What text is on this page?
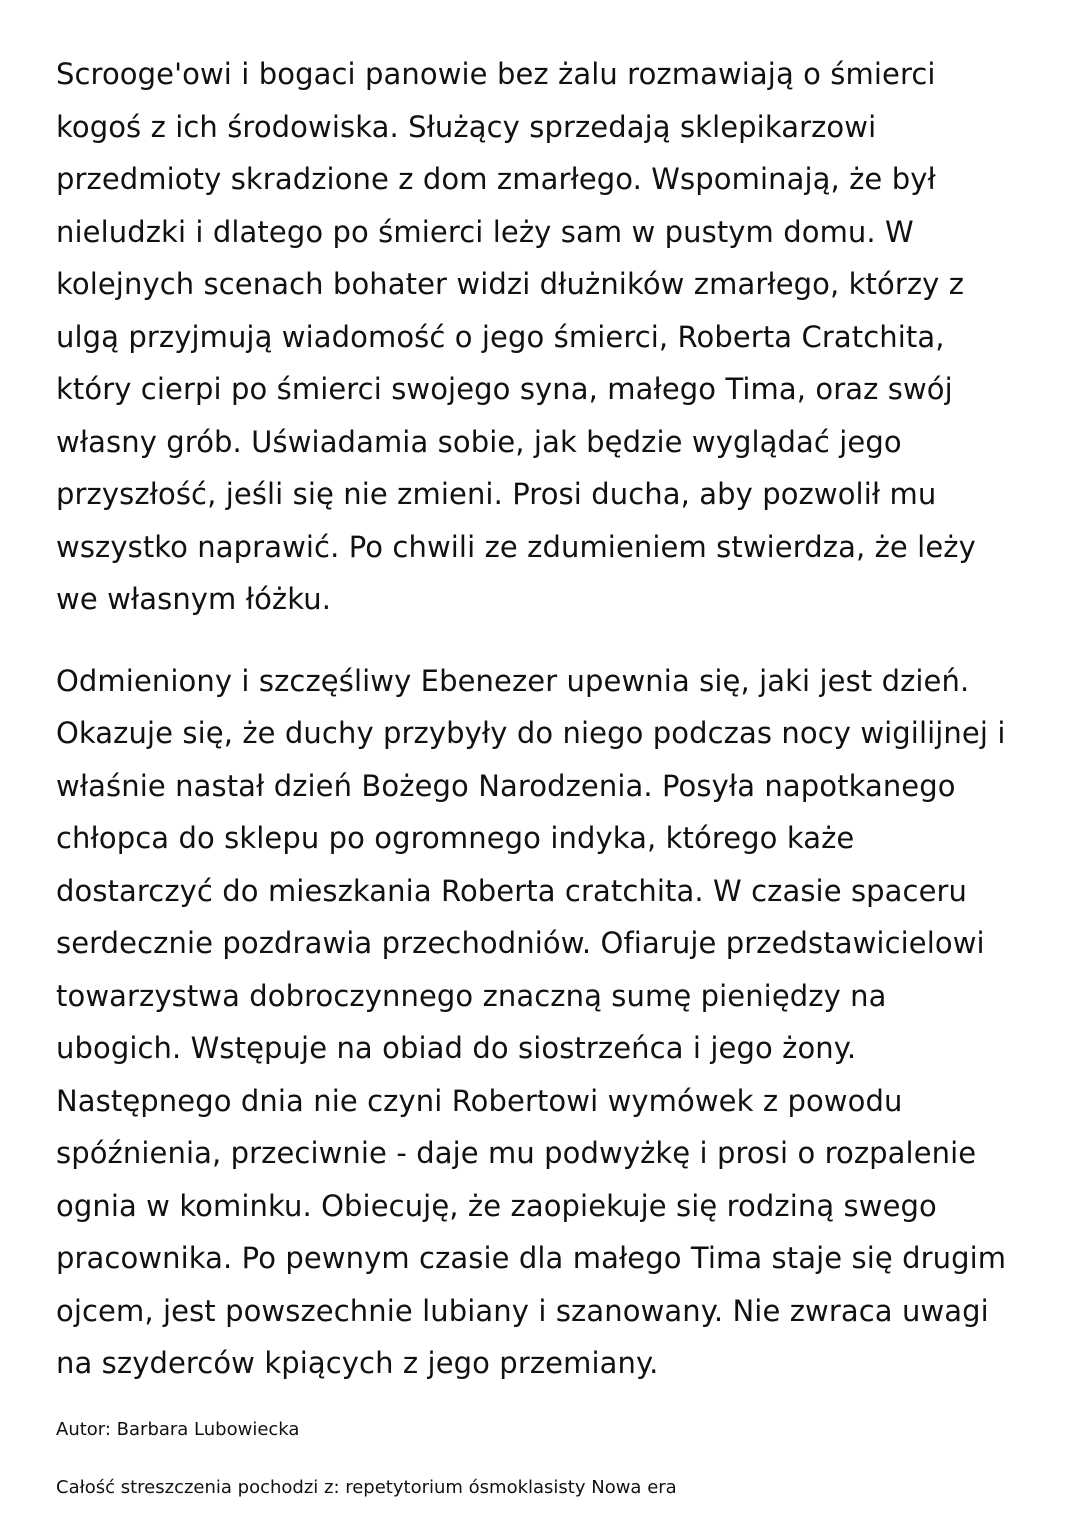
Scrooge'owi i bogaci panowie bez żalu rozmawiają o śmierci
kogoś z ich środowiska. Służący sprzedają sklepikarzowi
przedmioty skradzione z dom zmarłego. Wspominają, że był
nieludzki i dlatego po śmierci leży sam w pustym domu. W
kolejnych scenach bohater widzi dłużników zmarłego, którzy z
ulgą przyjmują wiadomość o jego śmierci, Roberta Cratchita,
który cierpi po śmierci swojego syna, małego Tima, oraz swój
własny grób. Uświadamia sobie, jak będzie wyglądać jego
przyszłość, jeśli się nie zmieni. Prosi ducha, aby pozwolił mu
wszystko naprawić. Po chwili ze zdumieniem stwierdza, że leży
we własnym łóżku.

Odmieniony i szczęśliwy Ebenezer upewnia się, jaki jest dzień.
Okazuje się, że duchy przybyły do niego podczas nocy wigilijnej i
właśnie nastał dzień Bożego Narodzenia. Posyła napotkanego
chłopca do sklepu po ogromnego indyka, którego każe
dostarczyć do mieszkania Roberta cratchita. W czasie spaceru
serdecznie pozdrawia przechodniów. Ofiaruje przedstawicielowi
towarzystwa dobroczynnego znaczną sumę pieniędzy na
ubogich. Wstępuje na obiad do siostrzeńca i jego żony.
Następnego dnia nie czyni Robertowi wymówek z powodu
spóźnienia, przeciwnie - daje mu podwyżkę i prosi o rozpalenie
ognia w kominku. Obiecuję, że zaopiekuje się rodziną swego
pracownika. Po pewnym czasie dla małego Tima staje się drugim
ojcem, jest powszechnie lubiany i szanowany. Nie zwraca uwagi
na szyderców kpiących z jego przemiany.

Autor: Barbara Lubowiecka

Całość streszczenia pochodzi z: repetytorium ósmoklasisty Nowa era
